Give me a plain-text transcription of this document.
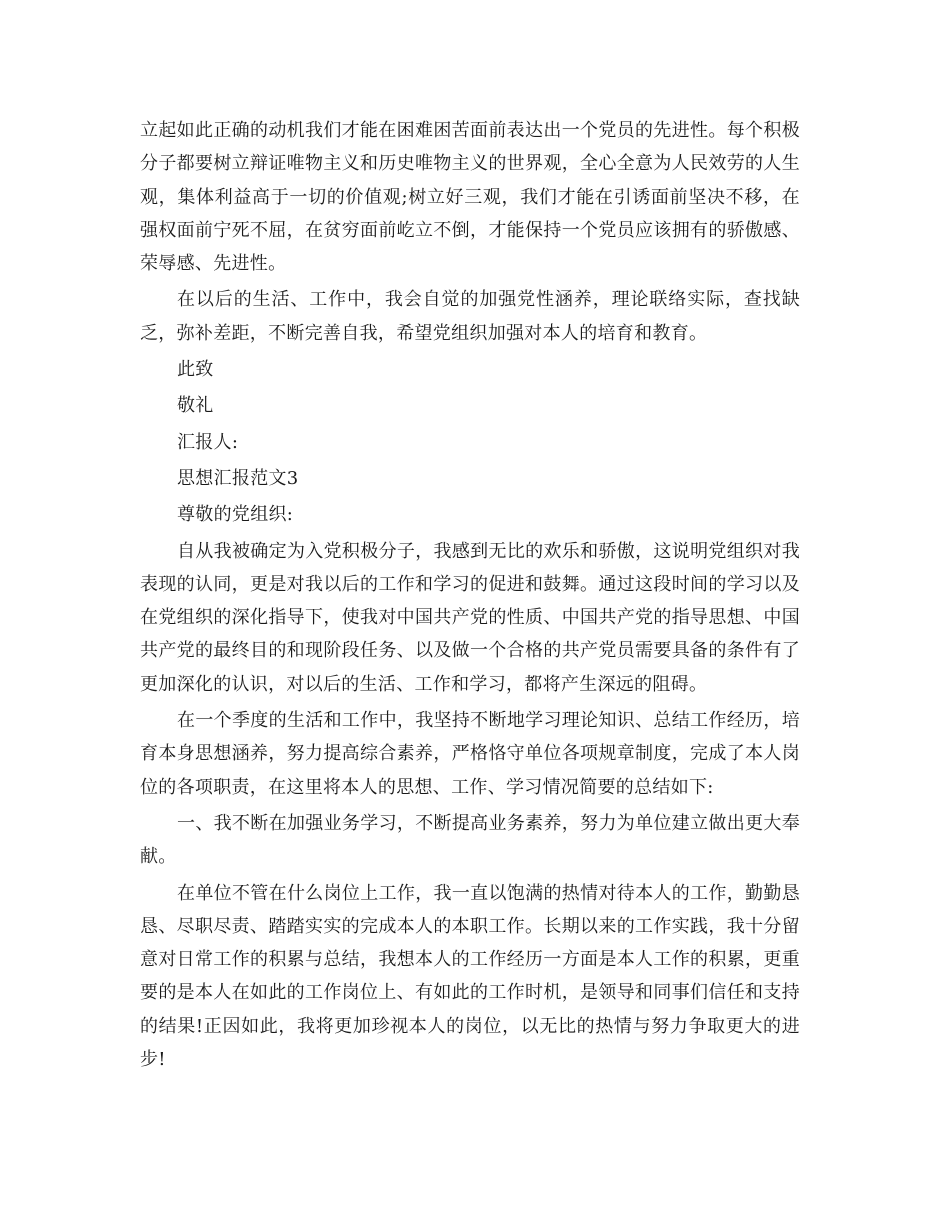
立起如此正确的动机我们才能在困难困苦面前表达出一个党员的先进性。每个积极分子都要树立辩证唯物主义和历史唯物主义的世界观，全心全意为人民效劳的人生观，集体利益高于一切的价值观;树立好三观，我们才能在引诱面前坚决不移，在强权面前宁死不屈，在贫穷面前屹立不倒，才能保持一个党员应该拥有的骄傲感、荣辱感、先进性。

在以后的生活、工作中，我会自觉的加强党性涵养，理论联络实际，查找缺乏，弥补差距，不断完善自我，希望党组织加强对本人的培育和教育。

此致

敬礼

汇报人:

思想汇报范文3

尊敬的党组织:

自从我被确定为入党积极分子，我感到无比的欢乐和骄傲，这说明党组织对我表现的认同，更是对我以后的工作和学习的促进和鼓舞。通过这段时间的学习以及在党组织的深化指导下，使我对中国共产党的性质、中国共产党的指导思想、中国共产党的最终目的和现阶段任务、以及做一个合格的共产党员需要具备的条件有了更加深化的认识，对以后的生活、工作和学习，都将产生深远的阻碍。

在一个季度的生活和工作中，我坚持不断地学习理论知识、总结工作经历，培育本身思想涵养，努力提高综合素养，严格恪守单位各项规章制度，完成了本人岗位的各项职责，在这里将本人的思想、工作、学习情况简要的总结如下:

一、我不断在加强业务学习，不断提高业务素养，努力为单位建立做出更大奉献。

在单位不管在什么岗位上工作，我一直以饱满的热情对待本人的工作，勤勤恳恳、尽职尽责、踏踏实实的完成本人的本职工作。长期以来的工作实践，我十分留意对日常工作的积累与总结，我想本人的工作经历一方面是本人工作的积累，更重要的是本人在如此的工作岗位上、有如此的工作时机，是领导和同事们信任和支持的结果!正因如此，我将更加珍视本人的岗位，以无比的热情与努力争取更大的进步!
